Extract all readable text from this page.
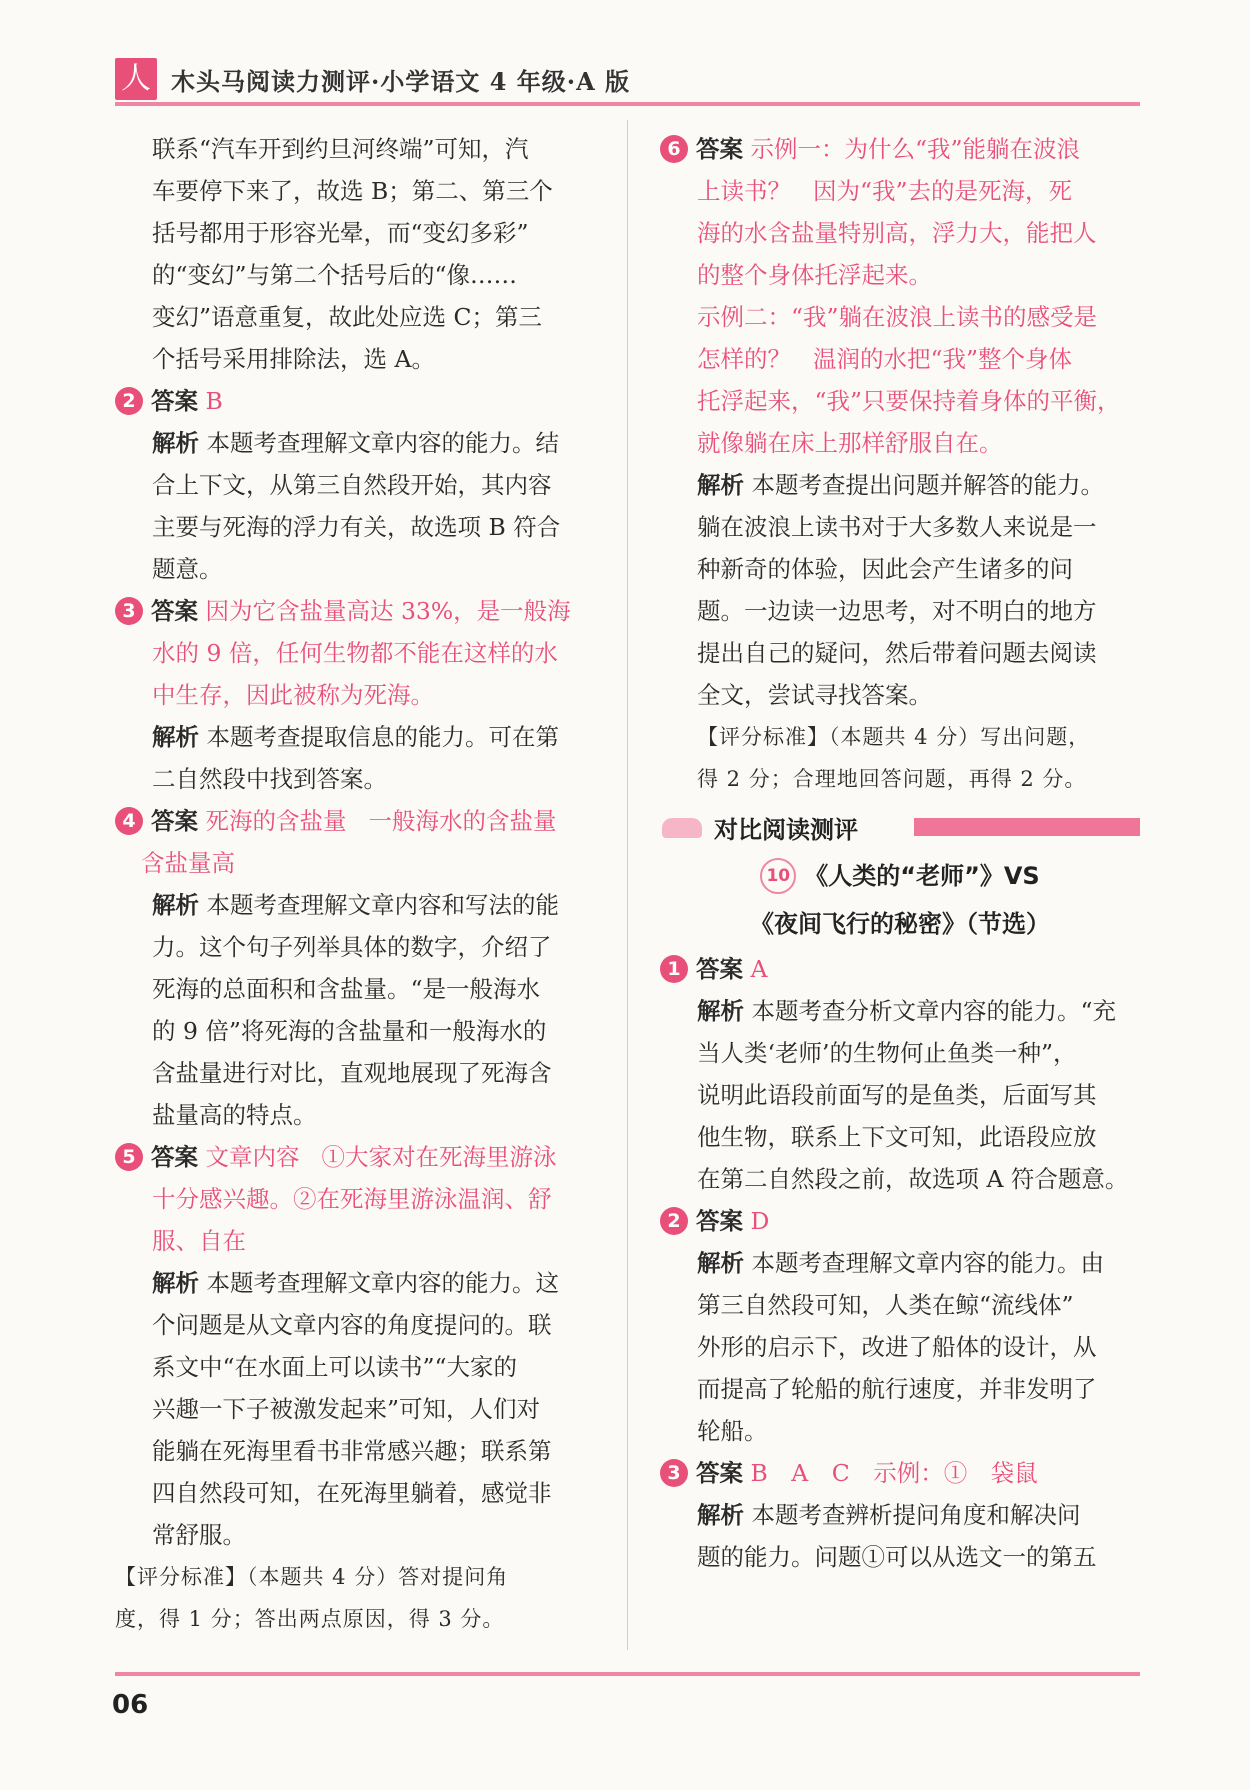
人 木头马阅读力测评·小学语文 4 年级·A 版
联系“汽车开到约旦河终端”可知，汽
车要停下来了，故选 B；第二、第三个
括号都用于形容光晕，而“变幻多彩”
的“变幻”与第二个括号后的“像……
变幻”语意重复，故此处应选 C；第三
个括号采用排除法，选 A。
2 答案 B
解析 本题考查理解文章内容的能力。结
合上下文，从第三自然段开始，其内容
主要与死海的浮力有关，故选项 B 符合
题意。
3 答案 因为它含盐量高达 33%，是一般海
水的 9 倍，任何生物都不能在这样的水
中生存，因此被称为死海。
解析 本题考查提取信息的能力。可在第
二自然段中找到答案。
4 答案 死海的含盐量 一般海水的含盐量
含盐量高
解析 本题考查理解文章内容和写法的能
力。这个句子列举具体的数字，介绍了
死海的总面积和含盐量。“是一般海水
的 9 倍”将死海的含盐量和一般海水的
含盐量进行对比，直观地展现了死海含
盐量高的特点。
5 答案 文章内容 ①大家对在死海里游泳
十分感兴趣。②在死海里游泳温润、舒
服、自在
解析 本题考查理解文章内容的能力。这
个问题是从文章内容的角度提问的。联
系文中“在水面上可以读书”“大家的
兴趣一下子被激发起来”可知，人们对
能躺在死海里看书非常感兴趣；联系第
四自然段可知，在死海里躺着，感觉非
常舒服。
【评分标准】（本题共 4 分）答对提问角
度，得 1 分；答出两点原因，得 3 分。
6 答案 示例一：为什么“我”能躺在波浪
上读书？ 因为“我”去的是死海，死
海的水含盐量特别高，浮力大，能把人
的整个身体托浮起来。
示例二：“我”躺在波浪上读书的感受是
怎样的？ 温润的水把“我”整个身体
托浮起来，“我”只要保持着身体的平衡，
就像躺在床上那样舒服自在。
解析 本题考查提出问题并解答的能力。
躺在波浪上读书对于大多数人来说是一
种新奇的体验，因此会产生诸多的问
题。一边读一边思考，对不明白的地方
提出自己的疑问，然后带着问题去阅读
全文，尝试寻找答案。
【评分标准】（本题共 4 分）写出问题，
得 2 分；合理地回答问题，再得 2 分。
对比阅读测评
10 《人类的“老师”》VS
《夜间飞行的秘密》（节选）
1 答案 A
解析 本题考查分析文章内容的能力。“充
当人类‘老师’的生物何止鱼类一种”，
说明此语段前面写的是鱼类，后面写其
他生物，联系上下文可知，此语段应放
在第二自然段之前，故选项 A 符合题意。
2 答案 D
解析 本题考查理解文章内容的能力。由
第三自然段可知，人类在鲸“流线体”
外形的启示下，改进了船体的设计，从
而提高了轮船的航行速度，并非发明了
轮船。
3 答案 B　A　C　示例：①　袋鼠
解析 本题考查辨析提问角度和解决问
题的能力。问题①可以从选文一的第五
06
